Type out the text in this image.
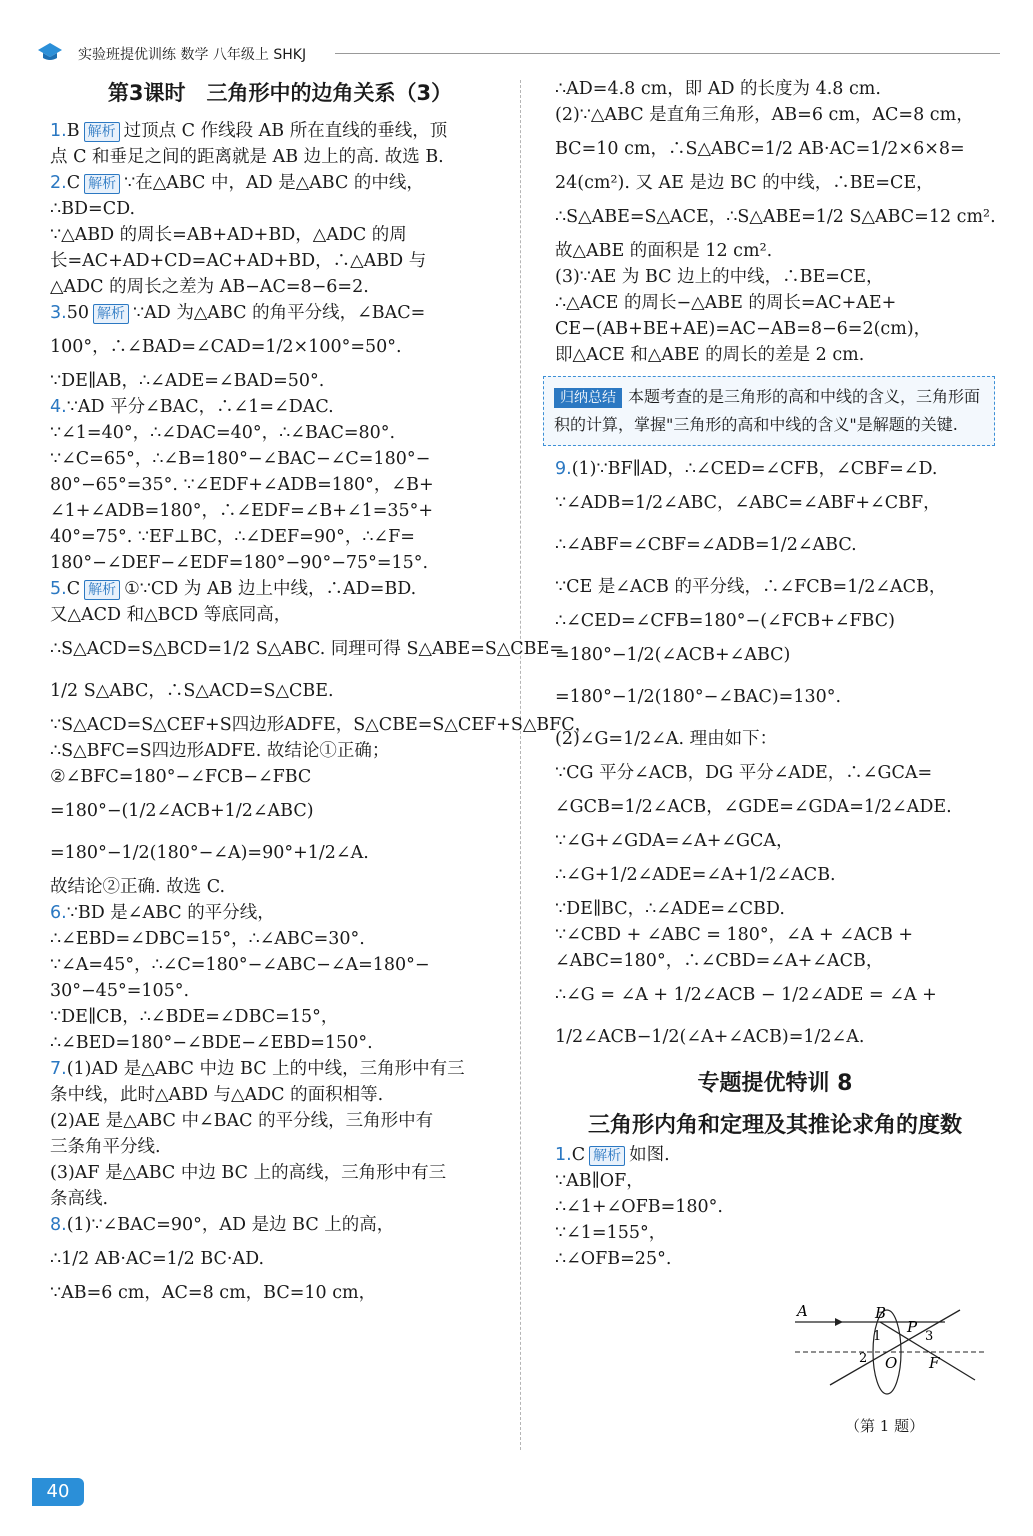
实验班提优训练 数学 八年级上 SHKJ
第3课时　三角形中的边角关系（3）
1.B 解析 过顶点 C 作线段 AB 所在直线的垂线，顶
点 C 和垂足之间的距离就是 AB 边上的高. 故选 B.
2.C 解析 ∵在△ABC 中，AD 是△ABC 的中线，
∴BD=CD.
∵△ABD 的周长=AB+AD+BD，△ADC 的周
长=AC+AD+CD=AC+AD+BD，∴△ABD 与
△ADC 的周长之差为 AB−AC=8−6=2.
3.50 解析 ∵AD 为△ABC 的角平分线，∠BAC=
100°，∴∠BAD=∠CAD=1/2×100°=50°.
∵DE∥AB，∴∠ADE=∠BAD=50°.
4.∵AD 平分∠BAC，∴∠1=∠DAC.
∵∠1=40°，∴∠DAC=40°，∴∠BAC=80°.
∵∠C=65°，∴∠B=180°−∠BAC−∠C=180°−
80°−65°=35°. ∵∠EDF+∠ADB=180°，∠B+
∠1+∠ADB=180°，∴∠EDF=∠B+∠1=35°+
40°=75°. ∵EF⊥BC，∴∠DEF=90°，∴∠F=
180°−∠DEF−∠EDF=180°−90°−75°=15°.
5.C 解析 ①∵CD 为 AB 边上中线，∴AD=BD.
又△ACD 和△BCD 等底同高，
∴S△ACD=S△BCD=1/2 S△ABC. 同理可得 S△ABE=S△CBE=
1/2 S△ABC，∴S△ACD=S△CBE.
∵S△ACD=S△CEF+S四边形ADFE，S△CBE=S△CEF+S△BFC，
∴S△BFC=S四边形ADFE. 故结论①正确；
②∠BFC=180°−∠FCB−∠FBC
=180°−(1/2∠ACB+1/2∠ABC)
=180°−1/2(180°−∠A)=90°+1/2∠A.
故结论②正确. 故选 C.
6.∵BD 是∠ABC 的平分线，
∴∠EBD=∠DBC=15°，∴∠ABC=30°.
∵∠A=45°，∴∠C=180°−∠ABC−∠A=180°−
30°−45°=105°.
∵DE∥CB，∴∠BDE=∠DBC=15°，
∴∠BED=180°−∠BDE−∠EBD=150°.
7.(1)AD 是△ABC 中边 BC 上的中线，三角形中有三
条中线，此时△ABD 与△ADC 的面积相等.
(2)AE 是△ABC 中∠BAC 的平分线，三角形中有
三条角平分线.
(3)AF 是△ABC 中边 BC 上的高线，三角形中有三
条高线.
8.(1)∵∠BAC=90°，AD 是边 BC 上的高，
∴1/2 AB·AC=1/2 BC·AD.
∵AB=6 cm，AC=8 cm，BC=10 cm，
∴AD=4.8 cm，即 AD 的长度为 4.8 cm.
(2)∵△ABC 是直角三角形，AB=6 cm，AC=8 cm，
BC=10 cm，∴S△ABC=1/2 AB·AC=1/2×6×8=
24(cm²). 又 AE 是边 BC 的中线，∴BE=CE，
∴S△ABE=S△ACE，∴S△ABE=1/2 S△ABC=12 cm².
故△ABE 的面积是 12 cm².
(3)∵AE 为 BC 边上的中线，∴BE=CE，
∴△ACE 的周长−△ABE 的周长=AC+AE+
CE−(AB+BE+AE)=AC−AB=8−6=2(cm)，
即△ACE 和△ABE 的周长的差是 2 cm.
归纳总结 本题考查的是三角形的高和中线的含义，三角形面积的计算，掌握"三角形的高和中线的含义"是解题的关键.
9.(1)∵BF∥AD，∴∠CED=∠CFB，∠CBF=∠D.
∵∠ADB=1/2∠ABC，∠ABC=∠ABF+∠CBF，
∴∠ABF=∠CBF=∠ADB=1/2∠ABC.
∵CE 是∠ACB 的平分线，∴∠FCB=1/2∠ACB，
∴∠CED=∠CFB=180°−(∠FCB+∠FBC)
=180°−1/2(∠ACB+∠ABC)
=180°−1/2(180°−∠BAC)=130°.
(2)∠G=1/2∠A. 理由如下：
∵CG 平分∠ACB，DG 平分∠ADE，∴∠GCA=
∠GCB=1/2∠ACB，∠GDE=∠GDA=1/2∠ADE.
∵∠G+∠GDA=∠A+∠GCA，
∴∠G+1/2∠ADE=∠A+1/2∠ACB.
∵DE∥BC，∴∠ADE=∠CBD.
∵∠CBD + ∠ABC = 180°，∠A + ∠ACB +
∠ABC=180°，∴∠CBD=∠A+∠ACB，
∴∠G = ∠A + 1/2∠ACB − 1/2∠ADE = ∠A +
1/2∠ACB−1/2(∠A+∠ACB)=1/2∠A.
专题提优特训 8
三角形内角和定理及其推论求角的度数
1.C 解析 如图.
∵AB∥OF，
∴∠1+∠OFB=180°.
∵∠1=155°，
∴∠OFB=25°.
A	B
P
1	3
2 O F
（第 1 题）
40
